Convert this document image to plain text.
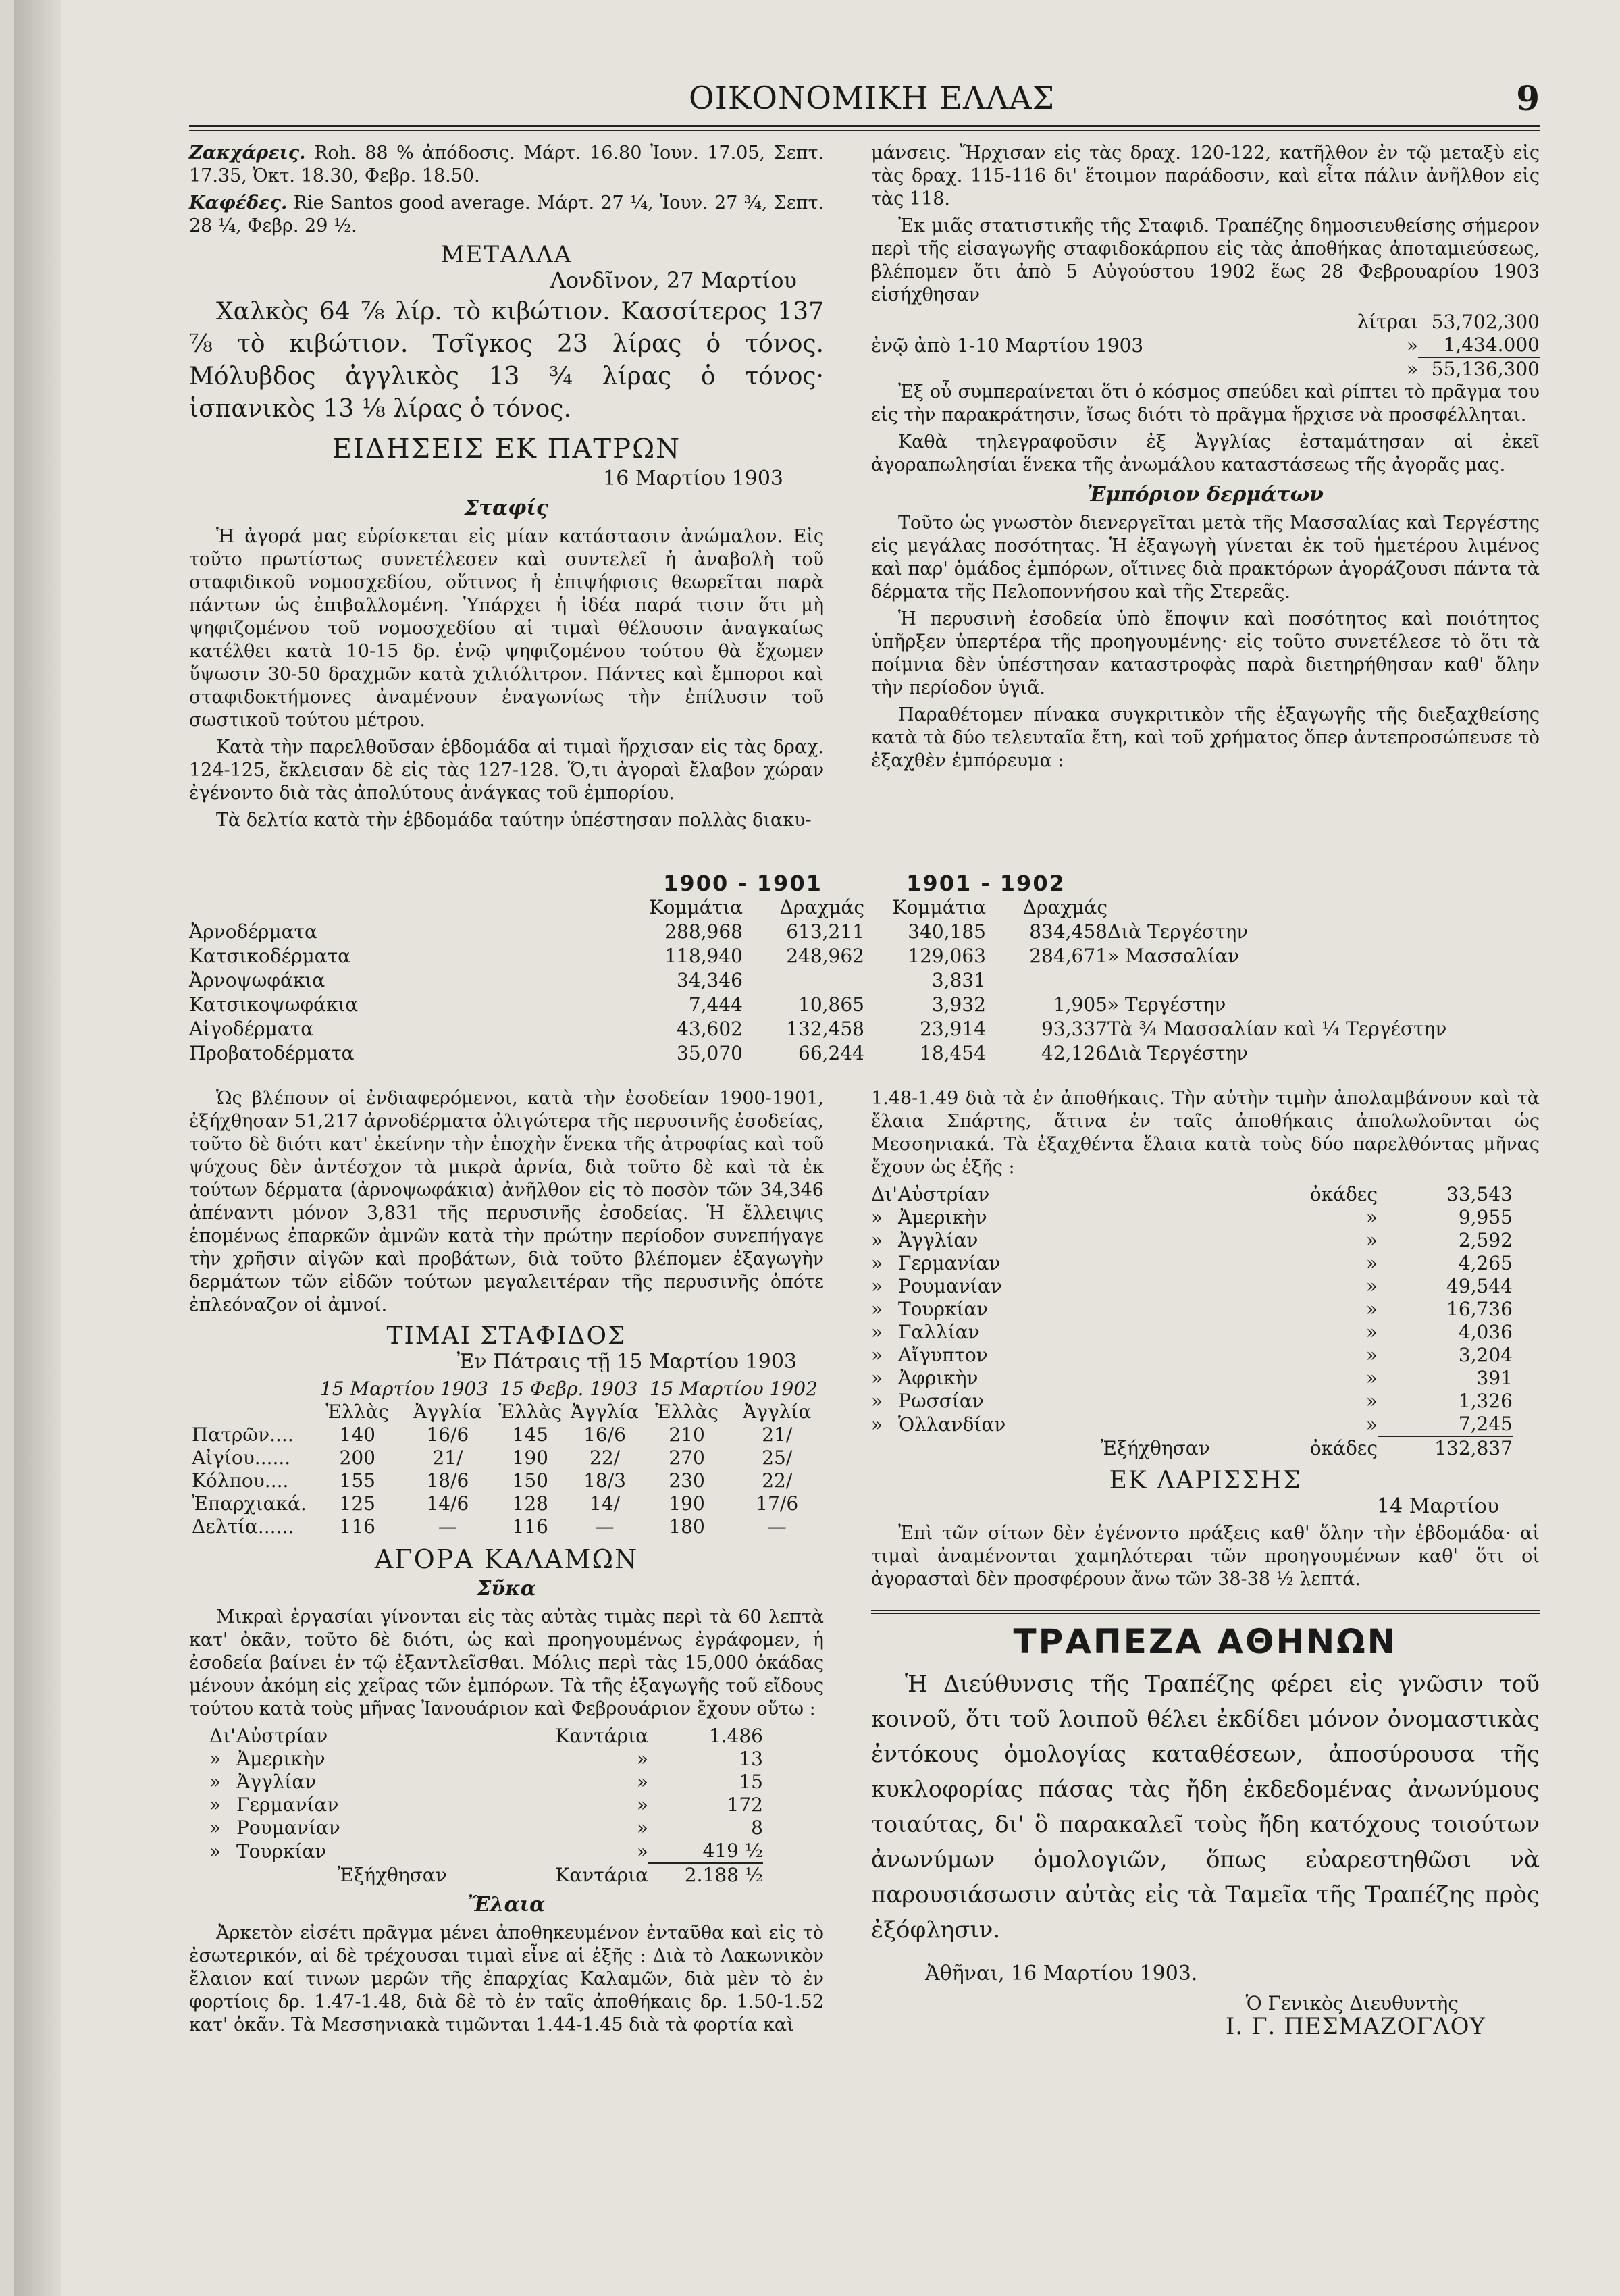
ΟΙΚΟΝΟΜΙΚΗ ΕΛΛΑΣ	9

Ζακχάρεις. Roh. 88 % ἀπόδοσις. Μάρτ. 16.80 Ἰουν. 17.05, Σεπτ. 17.35, Ὀκτ. 18.30, Φεβρ. 18.50.

Καφέδες. Rie Santos good average. Μάρτ. 27 ¼, Ἰουν. 27 ¾, Σεπτ. 28 ¼, Φεβρ. 29 ½.

ΜΕΤΑΛΛΑ
Λονδῖνον, 27 Μαρτίου

Χαλκὸς 64 ⅞ λίρ. τὸ κιβώτιον. Κασσίτερος 137 ⅞ τὸ κιβώτιον. Τσῖγκος 23 λίρας ὁ τόνος. Μόλυβδος ἀγγλικὸς 13 ¾ λίρας ὁ τόνος· ἱσπανικὸς 13 ⅛ λίρας ὁ τόνος.

ΕΙΔΗΣΕΙΣ ΕΚ ΠΑΤΡΩΝ
16 Μαρτίου 1903
Σταφίς

Ἡ ἀγορά μας εὑρίσκεται εἰς μίαν κατάστασιν ἀνώμαλον. Εἰς τοῦτο πρωτίστως συνετέλεσεν καὶ συντελεῖ ἡ ἀναβολὴ τοῦ σταφιδικοῦ νομοσχεδίου, οὕτινος ἡ ἐπιψήφισις θεωρεῖται παρὰ πάντων ὡς ἐπιβαλλομένη. Ὑπάρχει ἡ ἰδέα παρά τισιν ὅτι μὴ ψηφιζομένου τοῦ νομοσχεδίου αἱ τιμαὶ θέλουσιν ἀναγκαίως κατέλθει κατὰ 10-15 δρ. ἐνῷ ψηφιζομένου τούτου θὰ ἔχωμεν ὕψωσιν 30-50 δραχμῶν κατὰ χιλιόλιτρον. Πάντες καὶ ἔμποροι καὶ σταφιδοκτήμονες ἀναμένουν ἐναγωνίως τὴν ἐπίλυσιν τοῦ σωστικοῦ τούτου μέτρου.

Κατὰ τὴν παρελθοῦσαν ἑβδομάδα αἱ τιμαὶ ἤρχισαν εἰς τὰς δραχ. 124-125, ἔκλεισαν δὲ εἰς τὰς 127-128. Ὅ,τι ἀγοραὶ ἔλαβον χώραν ἐγένοντο διὰ τὰς ἀπολύτους ἀνάγκας τοῦ ἐμπορίου.

Τὰ δελτία κατὰ τὴν ἑβδομάδα ταύτην ὑπέστησαν πολλὰς διακυ-

μάνσεις. Ἤρχισαν εἰς τὰς δραχ. 120-122, κατῆλθον ἐν τῷ μεταξὺ εἰς τὰς δραχ. 115-116 δι' ἕτοιμον παράδοσιν, καὶ εἶτα πάλιν ἀνῆλθον εἰς τὰς 118.

Ἐκ μιᾶς στατιστικῆς τῆς Σταφιδ. Τραπέζης δημοσιευθείσης σήμερον περὶ τῆς εἰσαγωγῆς σταφιδοκάρπου εἰς τὰς ἀποθήκας ἀποταμιεύσεως, βλέπομεν ὅτι ἀπὸ 5 Αὐγούστου 1902 ἕως 28 Φεβρουαρίου 1903 εἰσήχθησαν

	λίτραι	53,702,300
ἐνῷ ἀπὸ 1-10 Μαρτίου 1903	»	1,434.000
	»	55,136,300

Ἐξ οὗ συμπεραίνεται ὅτι ὁ κόσμος σπεύδει καὶ ρίπτει τὸ πρᾶγμα του εἰς τὴν παρακράτησιν, ἴσως διότι τὸ πρᾶγμα ἤρχισε νὰ προσφέλληται.

Καθὰ τηλεγραφοῦσιν ἐξ Ἀγγλίας ἐσταμάτησαν αἱ ἐκεῖ ἀγοραπωλησίαι ἕνεκα τῆς ἀνωμάλου καταστάσεως τῆς ἀγορᾶς μας.

Ἐμπόριον δερμάτων

Τοῦτο ὡς γνωστὸν διενεργεῖται μετὰ τῆς Μασσαλίας καὶ Τεργέστης εἰς μεγάλας ποσότητας. Ἡ ἐξαγωγὴ γίνεται ἐκ τοῦ ἡμετέρου λιμένος καὶ παρ' ὁμάδος ἐμπόρων, οἵτινες διὰ πρακτόρων ἀγοράζουσι πάντα τὰ δέρματα τῆς Πελοποννήσου καὶ τῆς Στερεᾶς.

Ἡ περυσινὴ ἐσοδεία ὑπὸ ἔποψιν καὶ ποσότητος καὶ ποιότητος ὑπῆρξεν ὑπερτέρα τῆς προηγουμένης· εἰς τοῦτο συνετέλεσε τὸ ὅτι τὰ ποίμνια δὲν ὑπέστησαν καταστροφὰς παρὰ διετηρήθησαν καθ' ὅλην τὴν περίοδον ὑγιᾶ.

Παραθέτομεν πίνακα συγκριτικὸν τῆς ἐξαγωγῆς τῆς διεξαχθείσης κατὰ τὰ δύο τελευταῖα ἔτη, καὶ τοῦ χρήματος ὅπερ ἀντεπροσώπευσε τὸ ἐξαχθὲν ἐμπόρευμα :

	1900 - 1901		1901 - 1902		
	Κομμάτια	Δραχμάς	Κομμάτια	Δραχμάς	
Ἀρνοδέρματα	288,968	613,211	340,185	834,458	Διὰ Τεργέστην
Κατσικοδέρματα	118,940	248,962	129,063	284,671	» Μασσαλίαν
Ἀρνοψωφάκια	34,346		3,831		
Κατσικοψωφάκια	7,444	10,865	3,932	1,905	» Τεργέστην
Αἰγοδέρματα	43,602	132,458	23,914	93,337	Τὰ ¾ Μασσαλίαν καὶ ¼ Τεργέστην
Προβατοδέρματα	35,070	66,244	18,454	42,126	Διὰ Τεργέστην

Ὡς βλέπουν οἱ ἐνδιαφερόμενοι, κατὰ τὴν ἐσοδείαν 1900-1901, ἐξήχθησαν 51,217 ἀρνοδέρματα ὀλιγώτερα τῆς περυσινῆς ἐσοδείας, τοῦτο δὲ διότι κατ' ἐκείνην τὴν ἐποχὴν ἕνεκα τῆς ἀτροφίας καὶ τοῦ ψύχους δὲν ἀντέσχον τὰ μικρὰ ἀρνία, διὰ τοῦτο δὲ καὶ τὰ ἐκ τούτων δέρματα (ἀρνοψωφάκια) ἀνῆλθον εἰς τὸ ποσὸν τῶν 34,346 ἀπέναντι μόνον 3,831 τῆς περυσινῆς ἐσοδείας. Ἡ ἔλλειψις ἑπομένως ἐπαρκῶν ἀμνῶν κατὰ τὴν πρώτην περίοδον συνεπήγαγε τὴν χρῆσιν αἰγῶν καὶ προβάτων, διὰ τοῦτο βλέπομεν ἐξαγωγὴν δερμάτων τῶν εἰδῶν τούτων μεγαλειτέραν τῆς περυσινῆς ὁπότε ἐπλεόναζον οἱ ἀμνοί.

ΤΙΜΑΙ ΣΤΑΦΙΔΟΣ
Ἐν Πάτραις τῇ 15 Μαρτίου 1903
	15 Μαρτίου 1903		15 Φεβρ. 1903		15 Μαρτίου 1902	
	Ἑλλὰς	Ἀγγλία	Ἑλλὰς	Ἀγγλία	Ἑλλὰς	Ἀγγλία
Πατρῶν....	140	16/6	145	16/6	210	21/
Αἰγίου......	200	21/	190	22/	270	25/
Κόλπου....	155	18/6	150	18/3	230	22/
Ἐπαρχιακά.	125	14/6	128	14/	190	17/6
Δελτία......	116	—	116	—	180	—
ΑΓΟΡΑ ΚΑΛΑΜΩΝ
Σῦκα

Μικραὶ ἐργασίαι γίνονται εἰς τὰς αὐτὰς τιμὰς περὶ τὰ 60 λεπτὰ κατ' ὀκᾶν, τοῦτο δὲ διότι, ὡς καὶ προηγουμένως ἐγράφομεν, ἡ ἐσοδεία βαίνει ἐν τῷ ἐξαντλεῖσθαι. Μόλις περὶ τὰς 15,000 ὀκάδας μένουν ἀκόμη εἰς χεῖρας τῶν ἐμπόρων. Τὰ τῆς ἐξαγωγῆς τοῦ εἴδους τούτου κατὰ τοὺς μῆνας Ἰανουάριον καὶ Φεβρουάριον ἔχουν οὕτω :

Δι'	Αὐστρίαν	Καντάρια	1.486
»	Ἀμερικὴν	»	13
»	Ἀγγλίαν	»	15
»	Γερμανίαν	»	172
»	Ρουμανίαν	»	8
»	Τουρκίαν	»	419 ½
	Ἐξήχθησαν	Καντάρια	2.188 ½
Ἔλαια

Ἀρκετὸν εἰσέτι πρᾶγμα μένει ἀποθηκευμένον ἐνταῦθα καὶ εἰς τὸ ἐσωτερικόν, αἱ δὲ τρέχουσαι τιμαὶ εἶνε αἱ ἑξῆς : Διὰ τὸ Λακωνικὸν ἔλαιον καί τινων μερῶν τῆς ἐπαρχίας Καλαμῶν, διὰ μὲν τὸ ἐν φορτίοις δρ. 1.47-1.48, διὰ δὲ τὸ ἐν ταῖς ἀποθήκαις δρ. 1.50-1.52 κατ' ὀκᾶν. Τὰ Μεσσηνιακὰ τιμῶνται 1.44-1.45 διὰ τὰ φορτία καὶ

1.48-1.49 διὰ τὰ ἐν ἀποθήκαις. Τὴν αὐτὴν τιμὴν ἀπολαμβάνουν καὶ τὰ ἔλαια Σπάρτης, ἅτινα ἐν ταῖς ἀποθήκαις ἀπολωλοῦνται ὡς Μεσσηνιακά. Τὰ ἐξαχθέντα ἔλαια κατὰ τοὺς δύο παρελθόντας μῆνας ἔχουν ὡς ἑξῆς :

Δι'	Αὐστρίαν	ὀκάδες	33,543
»	Ἀμερικὴν	»	9,955
»	Ἀγγλίαν	»	2,592
»	Γερμανίαν	»	4,265
»	Ρουμανίαν	»	49,544
»	Τουρκίαν	»	16,736
»	Γαλλίαν	»	4,036
»	Αἴγυπτον	»	3,204
»	Ἀφρικὴν	»	391
»	Ρωσσίαν	»	1,326
»	Ὁλλανδίαν	»	7,245
	Ἐξήχθησαν	ὀκάδες	132,837
ΕΚ ΛΑΡΙΣΣΗΣ
14 Μαρτίου

Ἐπὶ τῶν σίτων δὲν ἐγένοντο πράξεις καθ' ὅλην τὴν ἑβδομάδα· αἱ τιμαὶ ἀναμένονται χαμηλότεραι τῶν προηγουμένων καθ' ὅτι οἱ ἀγορασταὶ δὲν προσφέρουν ἄνω τῶν 38-38 ½ λεπτά.

ΤΡΑΠΕΖΑ ΑΘΗΝΩΝ

Ἡ Διεύθυνσις τῆς Τραπέζης φέρει εἰς γνῶσιν τοῦ κοινοῦ, ὅτι τοῦ λοιποῦ θέλει ἐκδίδει μόνον ὀνομαστικὰς ἐντόκους ὁμολογίας καταθέσεων, ἀποσύρουσα τῆς κυκλοφορίας πάσας τὰς ἤδη ἐκδεδομένας ἀνωνύμους τοιαύτας, δι' ὃ παρακαλεῖ τοὺς ἤδη κατόχους τοιούτων ἀνωνύμων ὁμολογιῶν, ὅπως εὐαρεστηθῶσι νὰ παρουσιάσωσιν αὐτὰς εἰς τὰ Ταμεῖα τῆς Τραπέζης πρὸς ἐξόφλησιν.

Ἀθῆναι, 16 Μαρτίου 1903.
Ὁ Γενικὸς Διευθυντὴς
Ι. Γ. ΠΕΣΜΑΖΟΓΛΟΥ
